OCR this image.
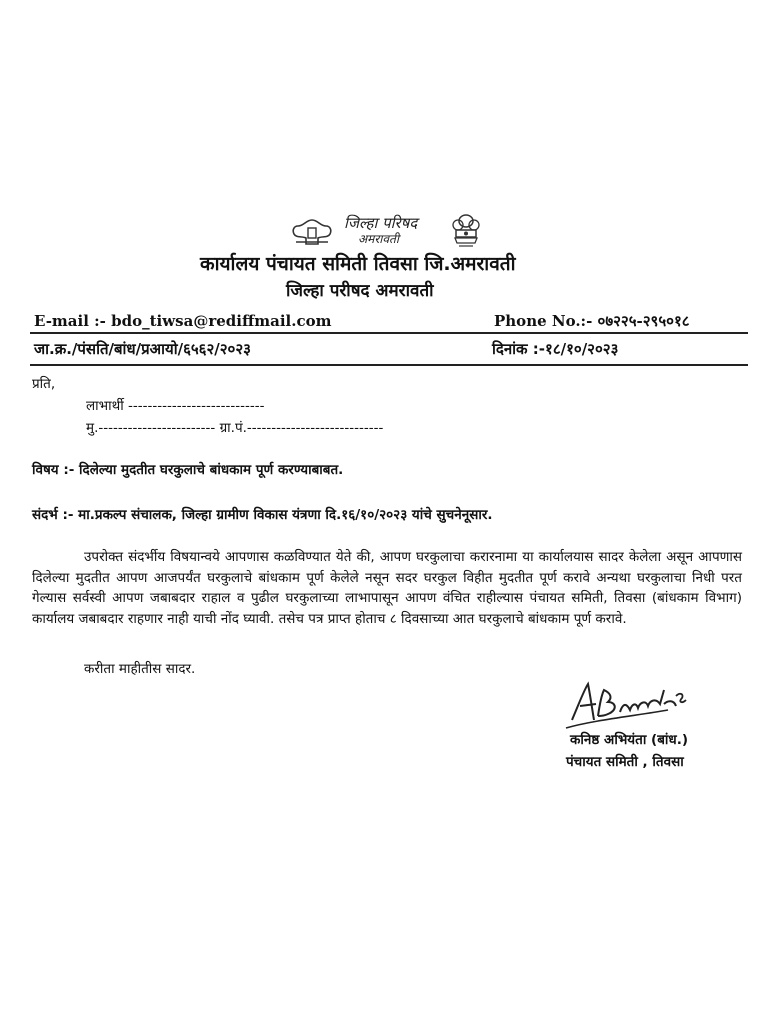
जिल्हा परिषद
अमरावती
कार्यालय पंचायत समिती तिवसा जि.अमरावती
जिल्हा परीषद अमरावती
E-mail :- bdo_tiwsa@rediffmail.com	Phone No.:- ०७२२५-२९५०१८
जा.क्र./पंसति/बांध/प्रआयो/६५६२/२०२३	दिनांक :-१८/१०/२०२३
प्रति,
लाभार्थी ----------------------------
मु.------------------------ ग्रा.पं.----------------------------
विषय :- दिलेल्या मुदतीत घरकुलाचे बांधकाम पूर्ण करण्याबाबत.
संदर्भ :- मा.प्रकल्प संचालक, जिल्हा ग्रामीण विकास यंत्रणा दि.१६/१०/२०२३ यांचे सुचनेनूसार.

उपरोक्त संदर्भीय विषयान्वये आपणास कळविण्यात येते की, आपण घरकुलाचा करारनामा या कार्यालयास सादर केलेला असून आपणास दिलेल्या मुदतीत आपण आजपर्यंत घरकुलाचे बांधकाम पूर्ण केलेले नसून सदर घरकुल विहीत मुदतीत पूर्ण करावे अन्यथा घरकुलाचा निधी परत गेल्यास सर्वस्वी आपण जबाबदार राहाल व पुढील घरकुलाच्या लाभापासून आपण वंचित राहील्यास पंचायत समिती, तिवसा (बांधकाम विभाग) कार्यालय जबाबदार राहणार नाही याची नोंद घ्यावी. तसेच पत्र प्राप्त होताच ८ दिवसाच्या आत घरकुलाचे बांधकाम पूर्ण करावे.

करीता माहीतीस सादर.
कनिष्ठ अभियंता (बांध.)
पंचायत समिती , तिवसा
